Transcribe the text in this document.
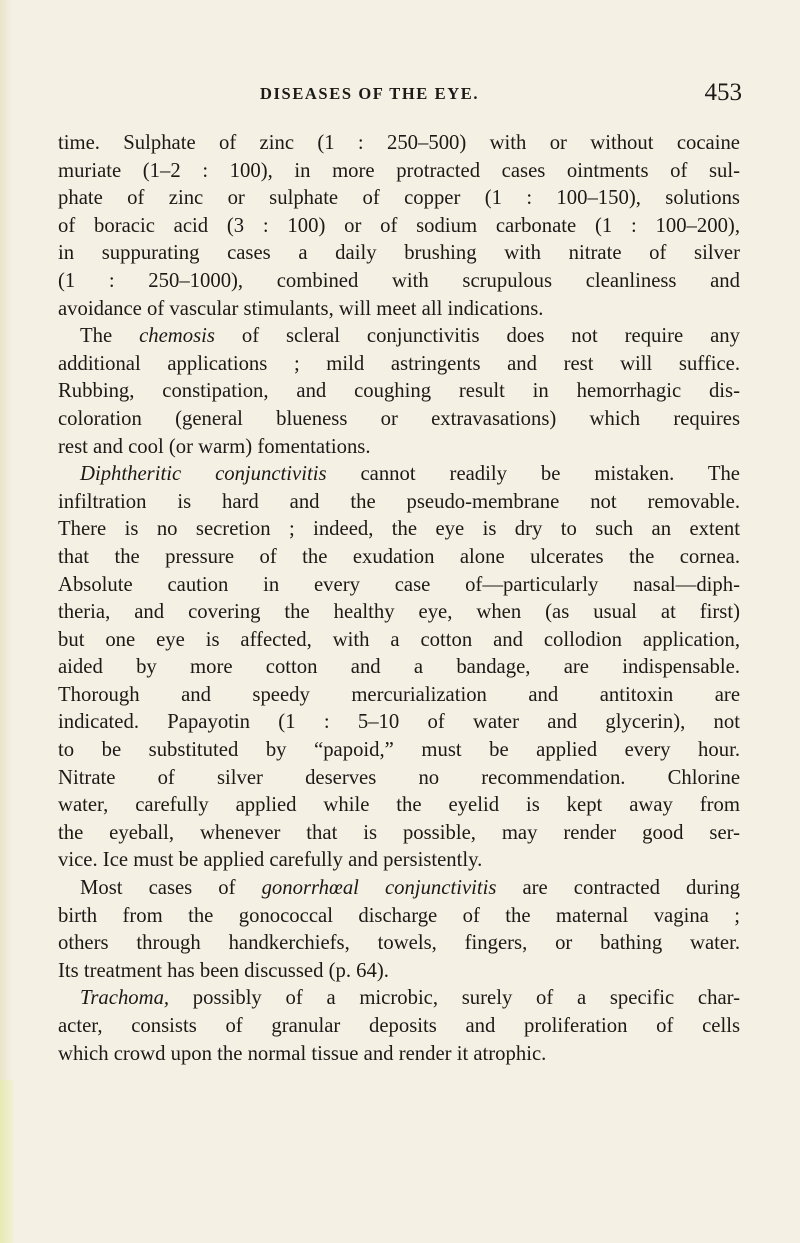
DISEASES OF THE EYE.	453
time. Sulphate of zinc (1 : 250–500) with or without cocaine
muriate (1–2 : 100), in more protracted cases ointments of sul-
phate of zinc or sulphate of copper (1 : 100–150), solutions
of boracic acid (3 : 100) or of sodium carbonate (1 : 100–200),
in suppurating cases a daily brushing with nitrate of silver
(1 : 250–1000), combined with scrupulous cleanliness and
avoidance of vascular stimulants, will meet all indications.
The chemosis of scleral conjunctivitis does not require any
additional applications ; mild astringents and rest will suffice.
Rubbing, constipation, and coughing result in hemorrhagic dis-
coloration (general blueness or extravasations) which requires
rest and cool (or warm) fomentations.
Diphtheritic conjunctivitis cannot readily be mistaken. The
infiltration is hard and the pseudo-membrane not removable.
There is no secretion ; indeed, the eye is dry to such an extent
that the pressure of the exudation alone ulcerates the cornea.
Absolute caution in every case of—particularly nasal—diph-
theria, and covering the healthy eye, when (as usual at first)
but one eye is affected, with a cotton and collodion application,
aided by more cotton and a bandage, are indispensable.
Thorough and speedy mercurialization and antitoxin are
indicated. Papayotin (1 : 5–10 of water and glycerin), not
to be substituted by “papoid,” must be applied every hour.
Nitrate of silver deserves no recommendation. Chlorine
water, carefully applied while the eyelid is kept away from
the eyeball, whenever that is possible, may render good ser-
vice. Ice must be applied carefully and persistently.
Most cases of gonorrhœal conjunctivitis are contracted during
birth from the gonococcal discharge of the maternal vagina ;
others through handkerchiefs, towels, fingers, or bathing water.
Its treatment has been discussed (p. 64).
Trachoma, possibly of a microbic, surely of a specific char-
acter, consists of granular deposits and proliferation of cells
which crowd upon the normal tissue and render it atrophic.
